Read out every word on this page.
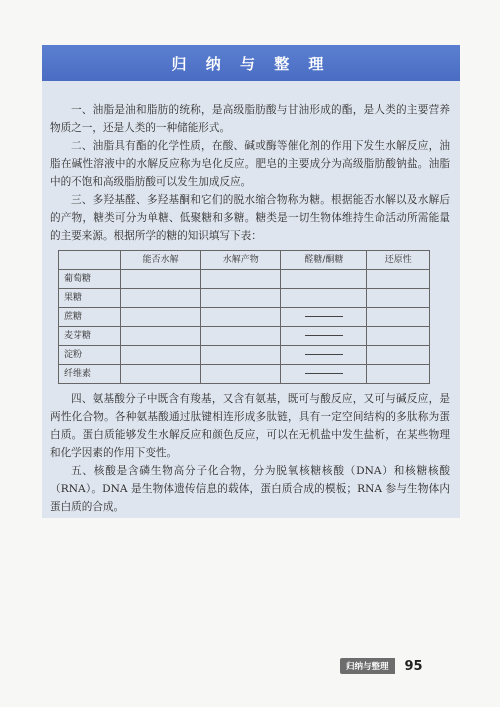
归 纳 与 整 理

一、油脂是油和脂肪的统称，是高级脂肪酸与甘油形成的酯，是人类的主要营养物质之一，还是人类的一种储能形式。

二、油脂具有酯的化学性质，在酸、碱或酶等催化剂的作用下发生水解反应，油脂在碱性溶液中的水解反应称为皂化反应。肥皂的主要成分为高级脂肪酸钠盐。油脂中的不饱和高级脂肪酸可以发生加成反应。

三、多羟基醛、多羟基酮和它们的脱水缩合物称为糖。根据能否水解以及水解后的产物，糖类可分为单糖、低聚糖和多糖。糖类是一切生物体维持生命活动所需能量的主要来源。根据所学的糖的知识填写下表：

	能否水解	水解产物	醛糖/酮糖	还原性
葡萄糖				
果糖				
蔗糖				
麦芽糖				
淀粉				
纤维素				

四、氨基酸分子中既含有羧基，又含有氨基，既可与酸反应，又可与碱反应，是两性化合物。各种氨基酸通过肽键相连形成多肽链，具有一定空间结构的多肽称为蛋白质。蛋白质能够发生水解反应和颜色反应，可以在无机盐中发生盐析，在某些物理和化学因素的作用下变性。

五、核酸是含磷生物高分子化合物，分为脱氧核糖核酸（DNA）和核糖核酸（RNA）。DNA 是生物体遗传信息的载体，蛋白质合成的模板；RNA 参与生物体内蛋白质的合成。

归纳与整理	95
